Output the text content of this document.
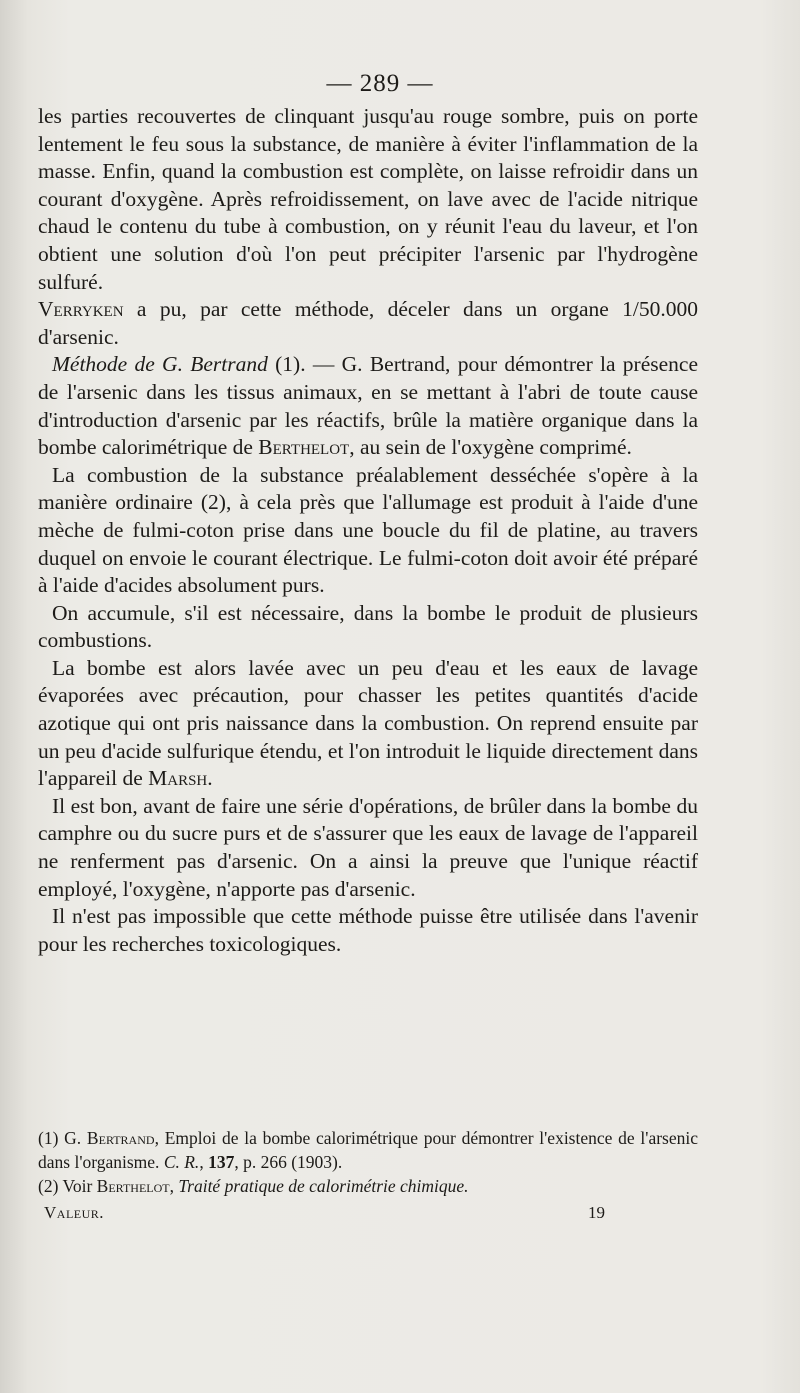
— 289 —

les parties recouvertes de clinquant jusqu'au rouge sombre, puis on porte lentement le feu sous la substance, de manière à éviter l'inflammation de la masse. Enfin, quand la combustion est complète, on laisse refroidir dans un courant d'oxygène. Après refroidissement, on lave avec de l'acide nitrique chaud le contenu du tube à combustion, on y réunit l'eau du laveur, et l'on obtient une solution d'où l'on peut précipiter l'arsenic par l'hydrogène sulfuré.
Verryken a pu, par cette méthode, déceler dans un organe 1/50.000 d'arsenic.

Méthode de G. Bertrand (1). — G. Bertrand, pour démontrer la présence de l'arsenic dans les tissus animaux, en se mettant à l'abri de toute cause d'introduction d'arsenic par les réactifs, brûle la matière organique dans la bombe calorimétrique de Berthelot, au sein de l'oxygène comprimé.

La combustion de la substance préalablement desséchée s'opère à la manière ordinaire (2), à cela près que l'allumage est produit à l'aide d'une mèche de fulmi-coton prise dans une boucle du fil de platine, au travers duquel on envoie le courant électrique. Le fulmi-coton doit avoir été préparé à l'aide d'acides absolument purs.

On accumule, s'il est nécessaire, dans la bombe le produit de plusieurs combustions.

La bombe est alors lavée avec un peu d'eau et les eaux de lavage évaporées avec précaution, pour chasser les petites quantités d'acide azotique qui ont pris naissance dans la combustion. On reprend ensuite par un peu d'acide sulfurique étendu, et l'on introduit le liquide directement dans l'appareil de Marsh.

Il est bon, avant de faire une série d'opérations, de brûler dans la bombe du camphre ou du sucre purs et de s'assurer que les eaux de lavage de l'appareil ne renferment pas d'arsenic. On a ainsi la preuve que l'unique réactif employé, l'oxygène, n'apporte pas d'arsenic.

Il n'est pas impossible que cette méthode puisse être utilisée dans l'avenir pour les recherches toxicologiques.

(1) G. Bertrand, Emploi de la bombe calorimétrique pour démontrer l'existence de l'arsenic dans l'organisme. C. R., 137, p. 266 (1903).

(2) Voir Berthelot, Traité pratique de calorimétrie chimique.

Valeur.	19
